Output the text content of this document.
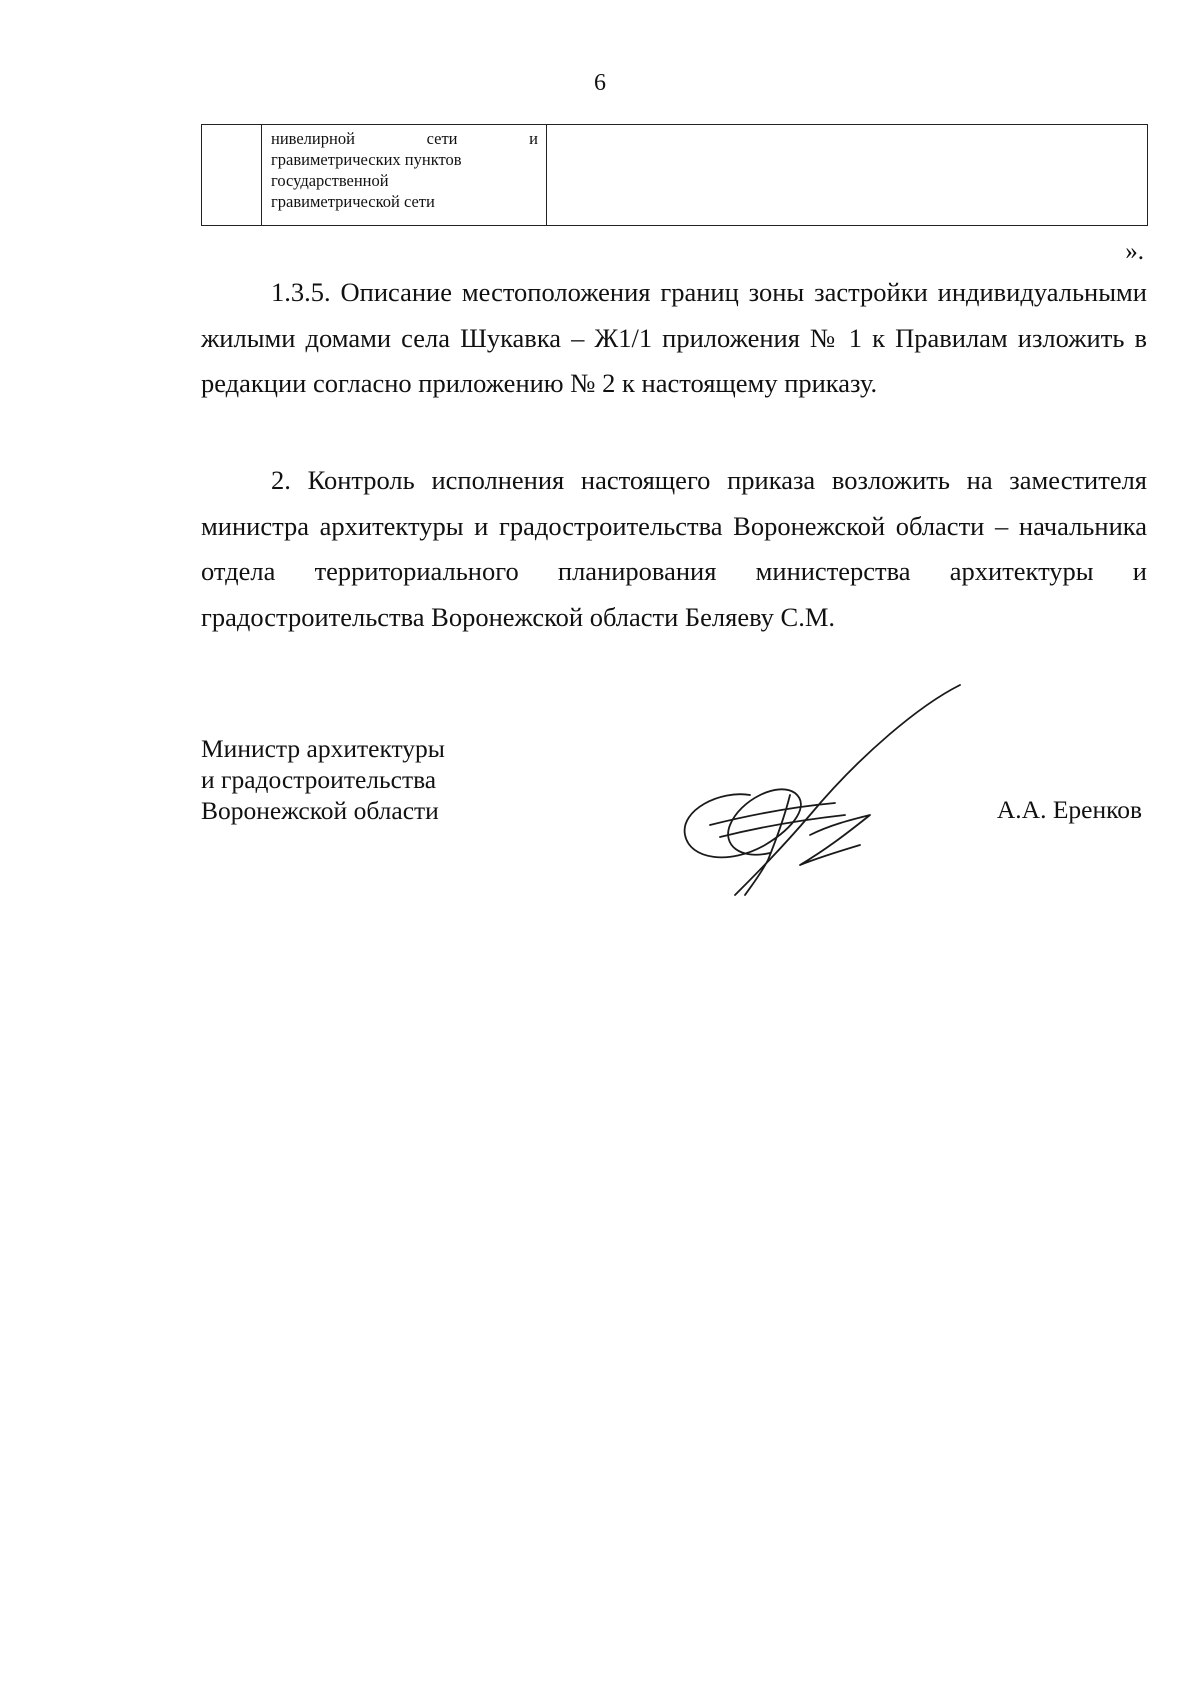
6

	нивелирной сети и
гравиметрических пунктов
государственной
гравиметрической сети	

».

1.3.5. Описание местоположения границ зоны застройки индивидуальными жилыми домами села Шукавка – Ж1/1 приложения № 1 к Правилам изложить в редакции согласно приложению № 2 к настоящему приказу.

2. Контроль исполнения настоящего приказа возложить на заместителя министра архитектуры и градостроительства Воронежской области – начальника отдела территориального планирования министерства архитектуры и градостроительства Воронежской области Беляеву С.М.

Министр архитектуры
и градостроительства
Воронежской области	А.А. Еренков
